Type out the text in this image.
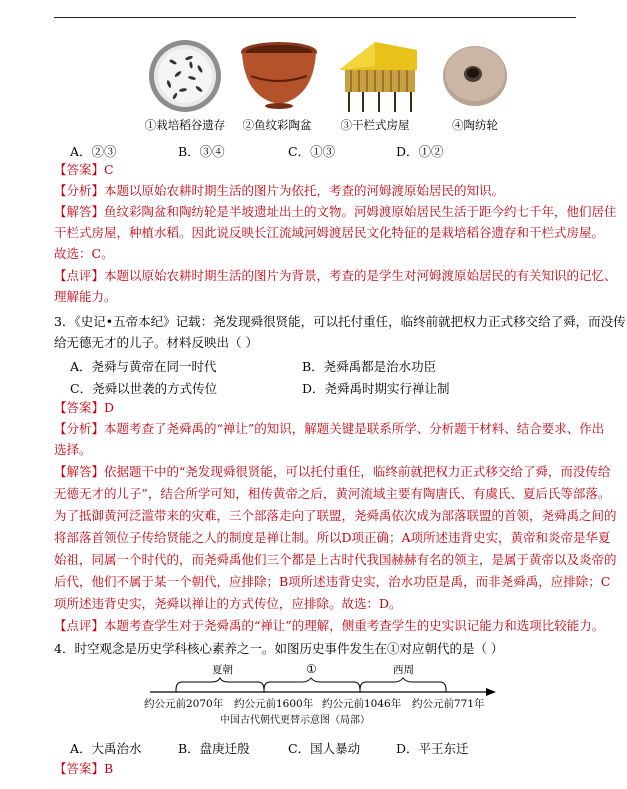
①栽培稻谷遗存	②鱼纹彩陶盆	③干栏式房屋	④陶纺轮
A．②③	B．③④	C．①③	D．①②
【答案】C
【分析】本题以原始农耕时期生活的图片为依托，考查的河姆渡原始居民的知识。
【解答】鱼纹彩陶盆和陶纺轮是半坡遗址出土的文物。河姆渡原始居民生活于距今约七千年，他们居住
干栏式房屋，种植水稻。因此说反映长江流域河姆渡居民文化特征的是栽培稻谷遗存和干栏式房屋。
故选：C。
【点评】本题以原始农耕时期生活的图片为背景，考查的是学生对河姆渡原始居民的有关知识的记忆、
理解能力。
3．《史记•五帝本纪》记载：尧发现舜很贤能，可以托付重任，临终前就把权力正式移交给了舜，而没传
给无德无才的儿子。材料反映出（ ）
A．尧舜与黄帝在同一时代	B．尧舜禹都是治水功臣
C．尧舜以世袭的方式传位	D．尧舜禹时期实行禅让制
【答案】D
【分析】本题考查了尧舜禹的“禅让”的知识，解题关键是联系所学、分析题干材料、结合要求、作出
选择。
【解答】依据题干中的“尧发现舜很贤能，可以托付重任，临终前就把权力正式移交给了舜，而没传给
无德无才的儿子”，结合所学可知，相传黄帝之后，黄河流域主要有陶唐氏、有虞氏、夏后氏等部落。
为了抵御黄河泛滥带来的灾难，三个部落走向了联盟，尧舜禹依次成为部落联盟的首领，尧舜禹之间的
将部落首领位子传给贤能之人的制度是禅让制。所以D项正确；A项所述违背史实，黄帝和炎帝是华夏
始祖，同属一个时代的，而尧舜禹他们三个都是上古时代我国赫赫有名的领主，是属于黄帝以及炎帝的
后代，他们不属于某一个朝代，应排除；B项所述违背史实，治水功臣是禹，而非尧舜禹，应排除；C
项所述违背史实，尧舜以禅让的方式传位，应排除。故选：D。
【点评】本题考查学生对于尧舜禹的“禅让”的理解，侧重考查学生的史实识记能力和选项比较能力。
4．时空观念是历史学科核心素养之一。如图历史事件发生在①对应朝代的是（ ）
夏朝	①	西周
约公元前2070年 约公元前1600年 约公元前1046年 约公元前771年
中国古代朝代更替示意图（局部）
A．大禹治水	B．盘庚迁殷	C．国人暴动	D．平王东迁
【答案】B
